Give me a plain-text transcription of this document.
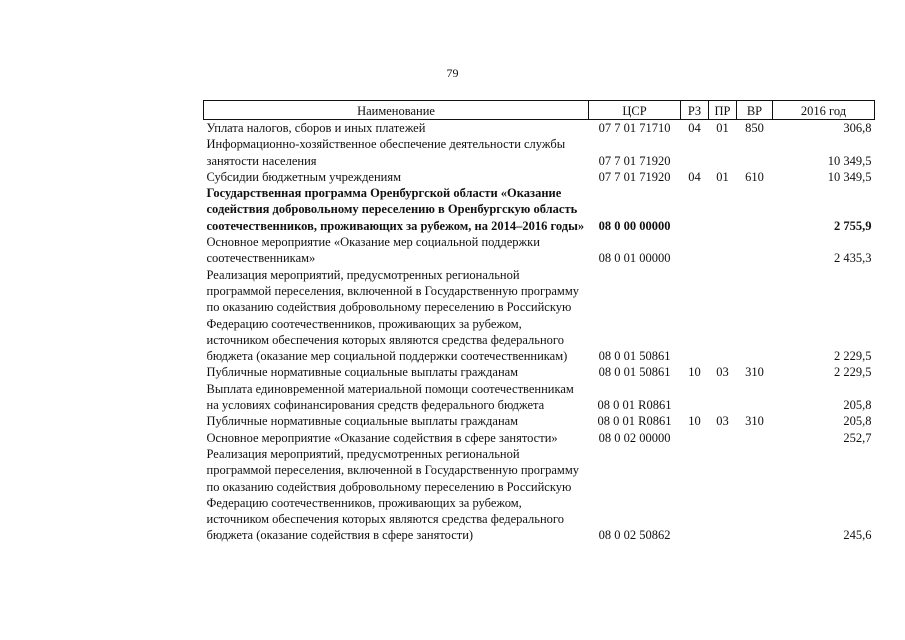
79
Наименование	ЦСР	РЗ	ПР	ВР	2016 год
Уплата налогов, сборов и иных платежей	07 7 01 71710	04	01	850	306,8
Информационно-хозяйственное обеспечение деятельности службы занятости населения	07 7 01 71920				10 349,5
Субсидии бюджетным учреждениям	07 7 01 71920	04	01	610	10 349,5
Государственная программа Оренбургской области «Оказание содействия добровольному переселению в Оренбургскую область соотечественников, проживающих за рубежом, на 2014–2016 годы»	08 0 00 00000				2 755,9
Основное мероприятие «Оказание мер социальной поддержки соотечественникам»	08 0 01 00000				2 435,3
Реализация мероприятий, предусмотренных региональной программой переселения, включенной в Государственную программу по оказанию содействия добровольному переселению в Российскую Федерацию соотечественников, проживающих за рубежом, источником обеспечения которых являются средства федерального бюджета (оказание мер социальной поддержки соотечественникам)	08 0 01 50861				2 229,5
Публичные нормативные социальные выплаты гражданам	08 0 01 50861	10	03	310	2 229,5
Выплата единовременной материальной помощи соотечественникам на условиях софинансирования средств федерального бюджета	08 0 01 R0861				205,8
Публичные нормативные социальные выплаты гражданам	08 0 01 R0861	10	03	310	205,8
Основное мероприятие «Оказание содействия в сфере занятости»	08 0 02 00000				252,7
Реализация мероприятий, предусмотренных региональной программой переселения, включенной в Государственную программу по оказанию содействия добровольному переселению в Российскую Федерацию соотечественников, проживающих за рубежом, источником обеспечения которых являются средства федерального бюджета (оказание содействия в сфере занятости)	08 0 02 50862				245,6
